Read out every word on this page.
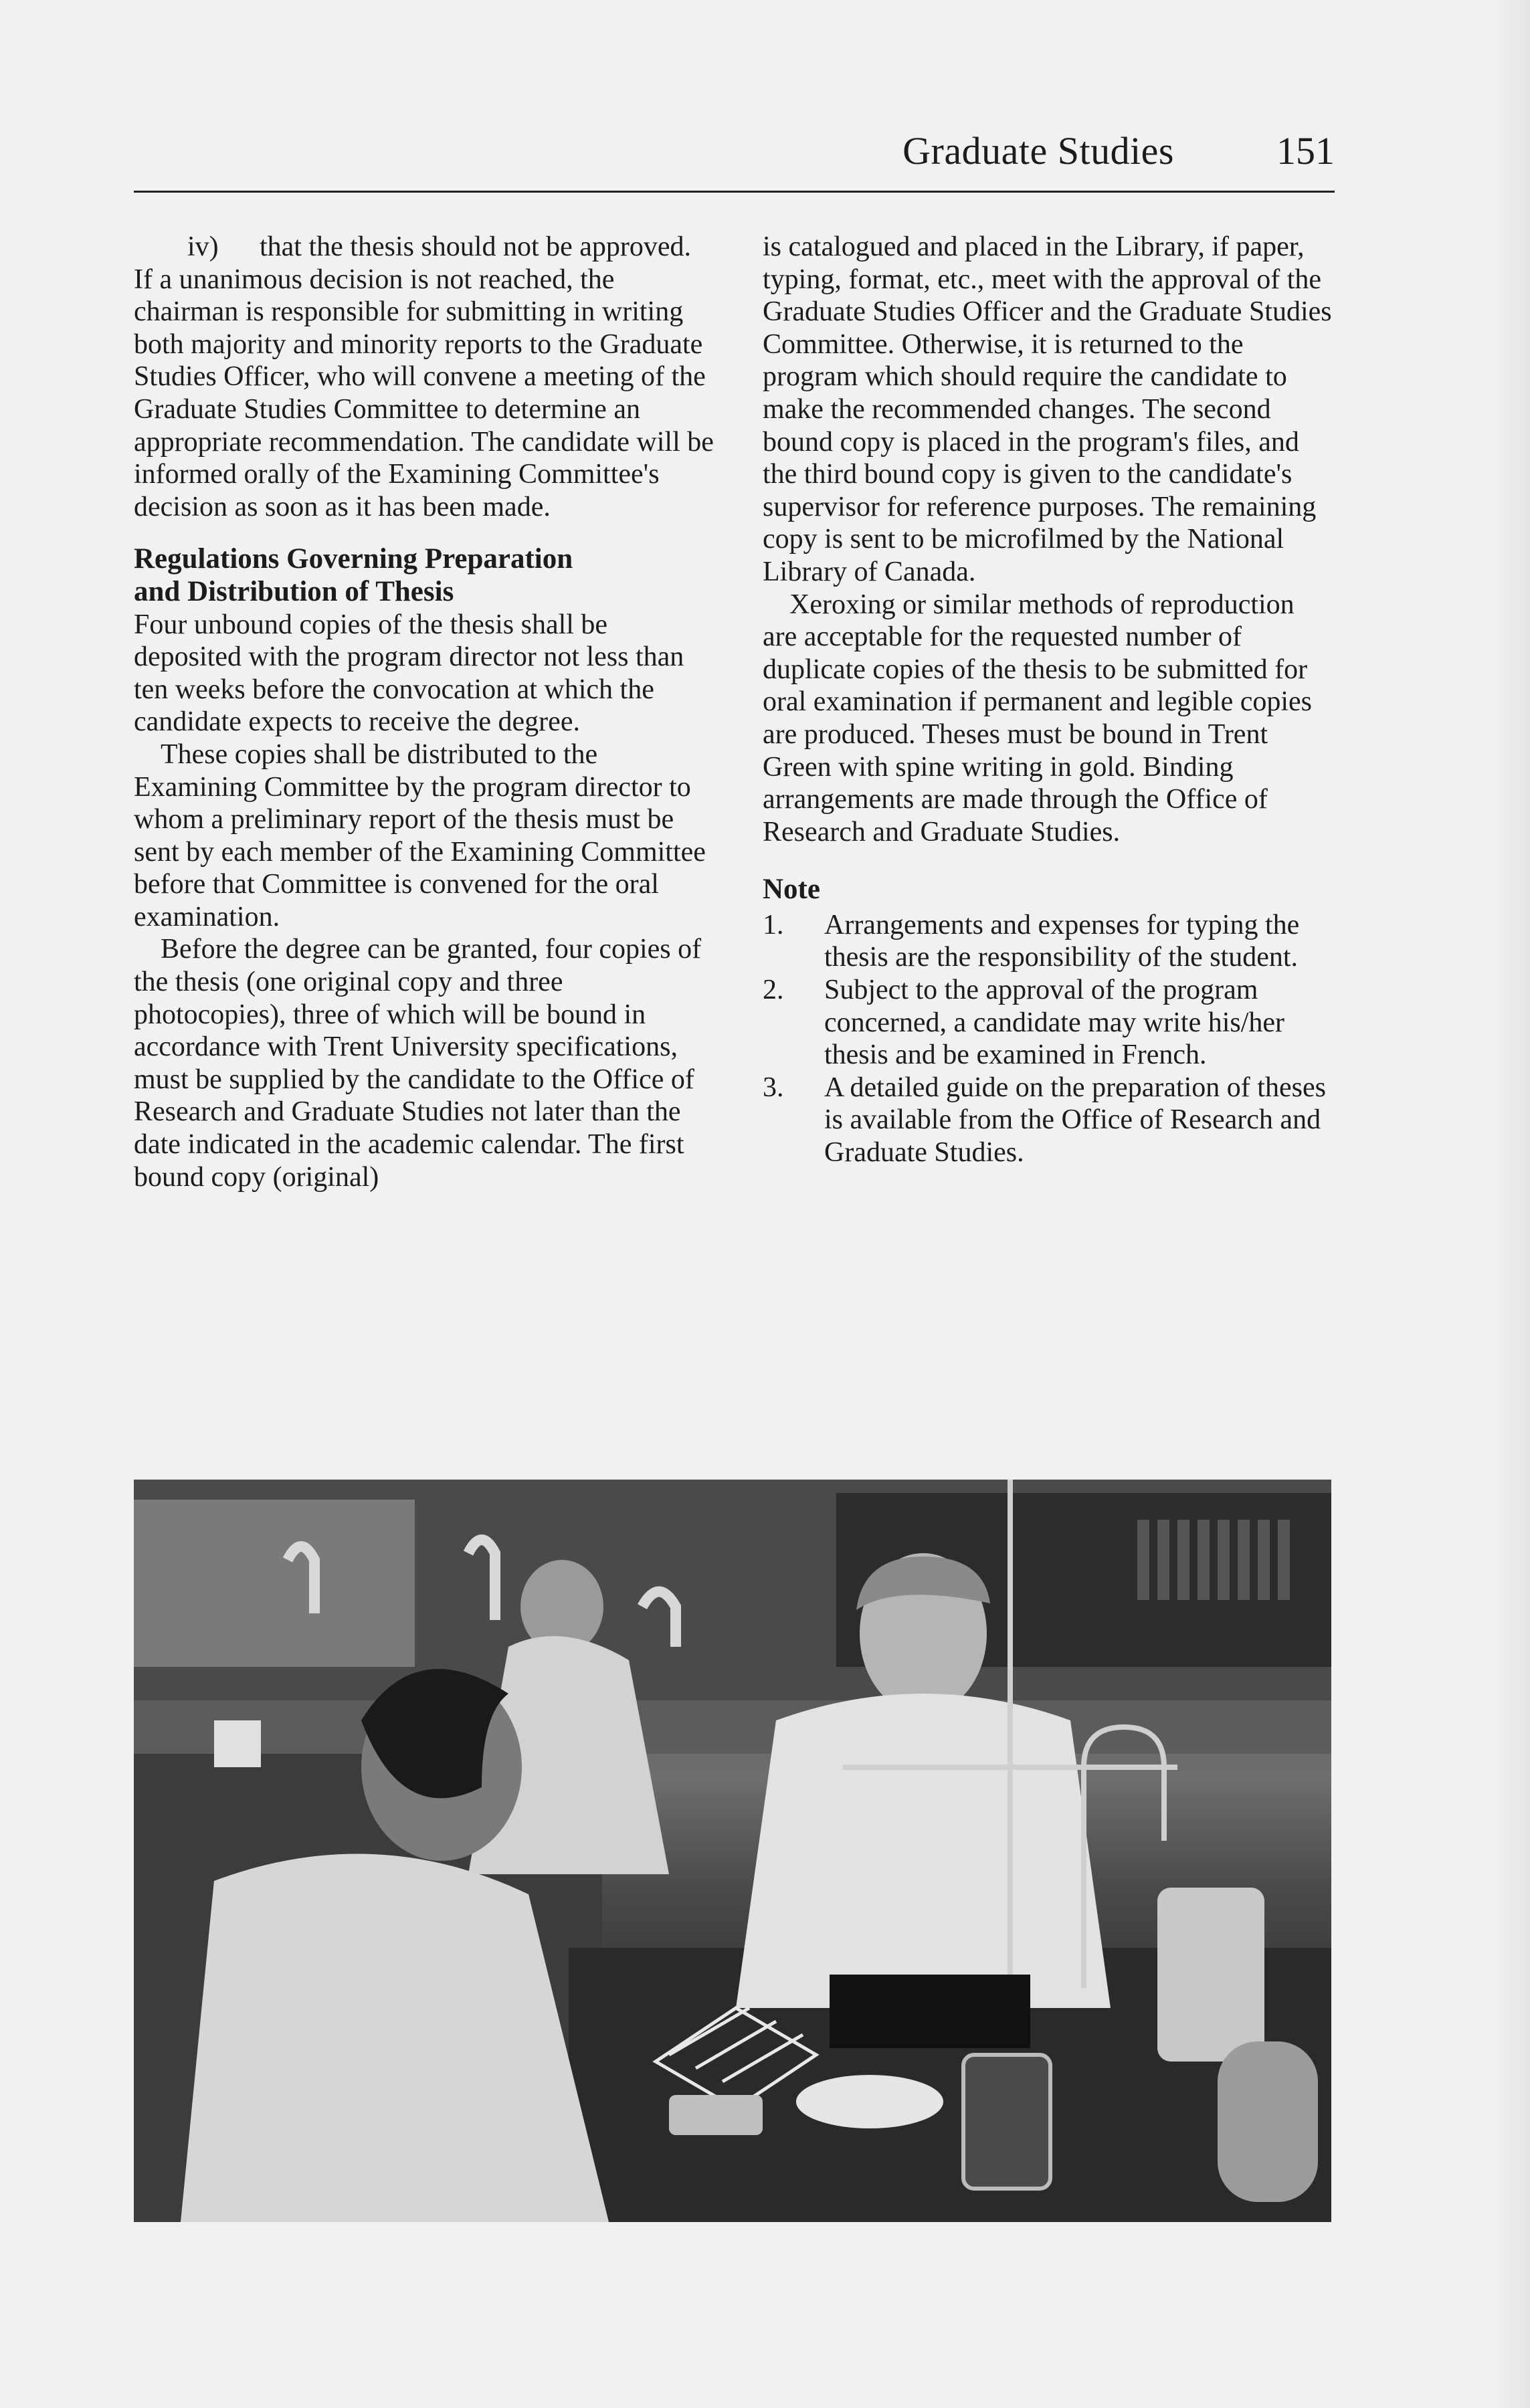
Graduate Studies	151
iv) that the thesis should not be approved.

If a unanimous decision is not reached, the chairman is responsible for submitting in writing both majority and minority reports to the Graduate Studies Officer, who will convene a meeting of the Graduate Studies Committee to determine an appropriate recommendation. The candidate will be informed orally of the Examining Committee's decision as soon as it has been made.

Regulations Governing Preparation
and Distribution of Thesis

Four unbound copies of the thesis shall be deposited with the program director not less than ten weeks before the convocation at which the candidate expects to receive the degree.

These copies shall be distributed to the Examining Committee by the program director to whom a preliminary report of the thesis must be sent by each member of the Examining Committee before that Committee is convened for the oral examination.

Before the degree can be granted, four copies of the thesis (one original copy and three photocopies), three of which will be bound in accordance with Trent University specifications, must be supplied by the candidate to the Office of Research and Graduate Studies not later than the date indicated in the academic calendar. The first bound copy (original)

is catalogued and placed in the Library, if paper, typing, format, etc., meet with the approval of the Graduate Studies Officer and the Graduate Studies Committee. Otherwise, it is returned to the program which should require the candidate to make the recommended changes. The second bound copy is placed in the program's files, and the third bound copy is given to the candidate's supervisor for reference purposes. The remaining copy is sent to be microfilmed by the National Library of Canada.

Xeroxing or similar methods of reproduction are acceptable for the requested number of duplicate copies of the thesis to be submitted for oral examination if permanent and legible copies are produced. Theses must be bound in Trent Green with spine writing in gold. Binding arrangements are made through the Office of Research and Graduate Studies.

Note
1. Arrangements and expenses for typing the thesis are the responsibility of the student.
2. Subject to the approval of the program concerned, a candidate may write his/her thesis and be examined in French.
3. A detailed guide on the preparation of theses is available from the Office of Research and Graduate Studies.
